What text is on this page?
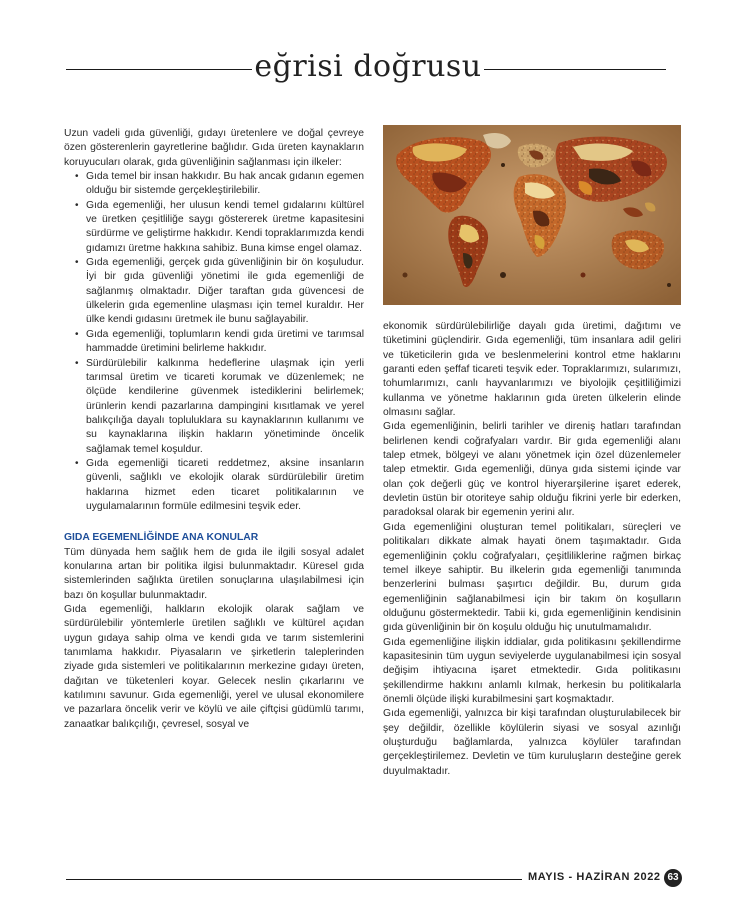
eğrisi doğrusu

Uzun vadeli gıda güvenliği, gıdayı üretenlere ve doğal çevreye özen gösterenlerin gayretlerine bağlıdır. Gıda üreten kaynakların koruyucuları olarak, gıda güvenliğinin sağlanması için ilkeler:

• Gıda temel bir insan hakkıdır. Bu hak ancak gıdanın egemen olduğu bir sistemde gerçekleştirilebilir.
• Gıda egemenliği, her ulusun kendi temel gıdalarını kültürel ve üretken çeşitliliğe saygı göstererek üretme kapasitesini sürdürme ve geliştirme hakkıdır. Kendi topraklarımızda kendi gıdamızı üretme hakkına sahibiz. Buna kimse engel olamaz.
• Gıda egemenliği, gerçek gıda güvenliğinin bir ön koşuludur. İyi bir gıda güvenliği yönetimi ile gıda egemenliği de sağlanmış olmaktadır. Diğer taraftan gıda güvencesi de ülkelerin gıda egemenline ulaşması için temel kuraldır. Her ülke kendi gıdasını üretmek ile bunu sağlayabilir.
• Gıda egemenliği, toplumların kendi gıda üretimi ve tarımsal hammadde üretimini belirleme hakkıdır.
• Sürdürülebilir kalkınma hedeflerine ulaşmak için yerli tarımsal üretim ve ticareti korumak ve düzenlemek; ne ölçüde kendilerine güvenmek istediklerini belirlemek; ürünlerin kendi pazarlarına dampingini kısıtlamak ve yerel balıkçılığa dayalı topluluklara su kaynaklarının kullanımı ve su kaynaklarına ilişkin hakların yönetiminde öncelik sağlamak temel koşuldur.
• Gıda egemenliği ticareti reddetmez, aksine insanların güvenli, sağlıklı ve ekolojik olarak sürdürülebilir üretim haklarına hizmet eden ticaret politikalarının ve uygulamalarının formüle edilmesini teşvik eder.

GIDA EGEMENLİĞİNDE ANA KONULAR

Tüm dünyada hem sağlık hem de gıda ile ilgili sosyal adalet konularına artan bir politika ilgisi bulunmaktadır. Küresel gıda sistemlerinden sağlıkta üretilen sonuçlarına ulaşılabilmesi için bazı ön koşullar bulunmaktadır.

Gıda egemenliği, halkların ekolojik olarak sağlam ve sürdürülebilir yöntemlerle üretilen sağlıklı ve kültürel açıdan uygun gıdaya sahip olma ve kendi gıda ve tarım sistemlerini tanımlama hakkıdır. Piyasaların ve şirketlerin taleplerinden ziyade gıda sistemleri ve politikalarının merkezine gıdayı üreten, dağıtan ve tüketenleri koyar. Gelecek neslin çıkarlarını ve katılımını savunur. Gıda egemenliği, yerel ve ulusal ekonomilere ve pazarlara öncelik verir ve köylü ve aile çiftçisi güdümlü tarımı, zanaatkar balıkçılığı, çevresel, sosyal ve

ekonomik sürdürülebilirliğe dayalı gıda üretimi, dağıtımı ve tüketimini güçlendirir. Gıda egemenliği, tüm insanlara adil geliri ve tüketicilerin gıda ve beslenmelerini kontrol etme haklarını garanti eden şeffaf ticareti teşvik eder. Topraklarımızı, sularımızı, tohumlarımızı, canlı hayvanlarımızı ve biyolojik çeşitliliğimizi kullanma ve yönetme haklarının gıda üreten ülkelerin elinde olmasını sağlar.

Gıda egemenliğinin, belirli tarihler ve direniş hatları tarafından belirlenen kendi coğrafyaları vardır. Bir gıda egemenliği alanı talep etmek, bölgeyi ve alanı yönetmek için özel düzenlemeler talep etmektir. Gıda egemenliği, dünya gıda sistemi içinde var olan çok değerli güç ve kontrol hiyerarşilerine işaret ederek, devletin üstün bir otoriteye sahip olduğu fikrini yerle bir ederken, paradoksal olarak bir egemenin yerini alır.

Gıda egemenliğini oluşturan temel politikaları, süreçleri ve politikaları dikkate almak hayati önem taşımaktadır. Gıda egemenliğinin çoklu coğrafyaları, çeşitliliklerine rağmen birkaç temel ilkeye sahiptir. Bu ilkelerin gıda egemenliği tanımında benzerlerini bulması şaşırtıcı değildir. Bu, durum gıda egemenliğinin sağlanabilmesi için bir takım ön koşulların olduğunu göstermektedir. Tabii ki, gıda egemenliğinin kendisinin gıda güvenliğinin bir ön koşulu olduğu hiç unutulmamalıdır.

Gıda egemenliğine ilişkin iddialar, gıda politikasını şekillendirme kapasitesinin tüm uygun seviyelerde uygulanabilmesi için sosyal değişim ihtiyacına işaret etmektedir. Gıda politikasını şekillendirme hakkını anlamlı kılmak, herkesin bu politikalarla önemli ölçüde ilişki kurabilmesini şart koşmaktadır.

Gıda egemenliği, yalnızca bir kişi tarafından oluşturulabilecek bir şey değildir, özellikle köylülerin siyasi ve sosyal azınlığı oluşturduğu bağlamlarda, yalnızca köylüler tarafından gerçekleştirilemez. Devletin ve tüm kuruluşların desteğine gerek duyulmaktadır.

MAYIS - HAZİRAN 2022 63
